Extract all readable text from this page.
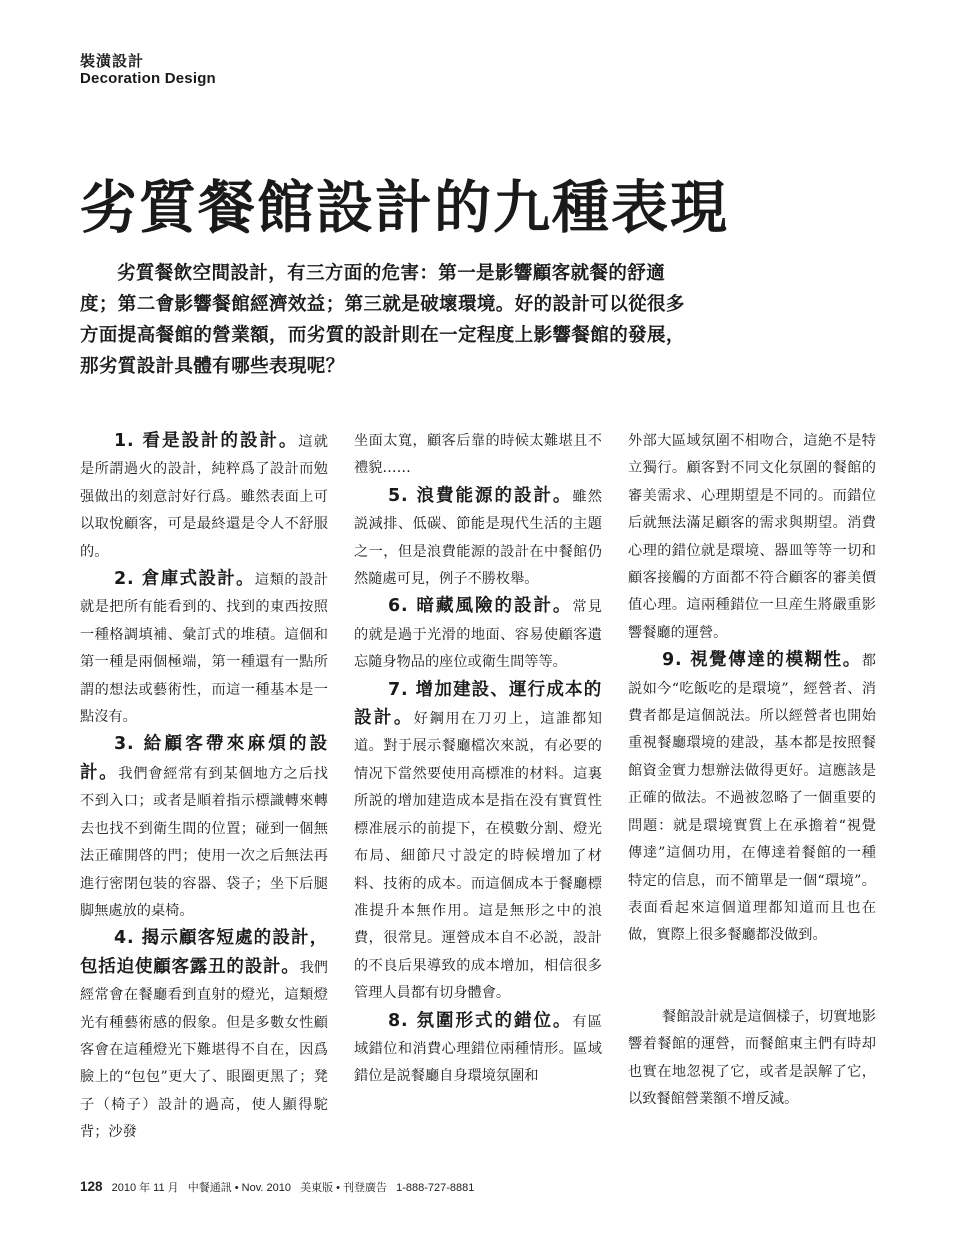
裝潢設計
Decoration Design
劣質餐館設計的九種表現

劣質餐飲空間設計，有三方面的危害：第一是影響顧客就餐的舒適度；第二會影響餐館經濟效益；第三就是破壞環境。好的設計可以從很多方面提高餐館的營業額，而劣質的設計則在一定程度上影響餐館的發展，那劣質設計具體有哪些表現呢？

1. 看是設計的設計。這就是所謂過火的設計，純粹爲了設計而勉强做出的刻意討好行爲。雖然表面上可以取悅顧客，可是最終還是令人不舒服的。

2. 倉庫式設計。這類的設計就是把所有能看到的、找到的東西按照一種格調填補、彙訂式的堆積。這個和第一種是兩個極端，第一種還有一點所謂的想法或藝術性，而這一種基本是一點沒有。

3. 給顧客帶來麻煩的設計。我們會經常有到某個地方之后找不到入口；或者是順着指示標識轉來轉去也找不到衛生間的位置；碰到一個無法正確開啓的門；使用一次之后無法再進行密閉包装的容器、袋子；坐下后腿脚無處放的桌椅。

4. 揭示顧客短處的設計，包括迫使顧客露丑的設計。我們經常會在餐廳看到直射的燈光，這類燈光有種藝術感的假象。但是多數女性顧客會在這種燈光下難堪得不自在，因爲臉上的“包包”更大了、眼圈更黑了；凳子（椅子）設計的過高，使人顯得駝背；沙發

坐面太寬，顧客后靠的時候太難堪且不禮貌……

5. 浪費能源的設計。雖然説減排、低碳、節能是現代生活的主題之一，但是浪費能源的設計在中餐館仍然隨處可見，例子不勝枚舉。

6. 暗藏風險的設計。常見的就是過于光滑的地面、容易使顧客遺忘隨身物品的座位或衛生間等等。

7. 增加建設、運行成本的設計。好鋼用在刀刃上，這誰都知道。對于展示餐廳檔次來説，有必要的情况下當然要使用高標准的材料。這裏所説的增加建造成本是指在没有實質性標准展示的前提下，在模數分割、燈光布局、細節尺寸設定的時候增加了材料、技術的成本。而這個成本于餐廳標准提升本無作用。這是無形之中的浪費，很常見。運營成本自不必説，設計的不良后果導致的成本增加，相信很多管理人員都有切身體會。

8. 氛圍形式的錯位。有區域錯位和消費心理錯位兩種情形。區域錯位是説餐廳自身環境氛圍和

外部大區域氛圍不相吻合，這絶不是特立獨行。顧客對不同文化氛圍的餐館的審美需求、心理期望是不同的。而錯位后就無法滿足顧客的需求與期望。消費心理的錯位就是環境、器皿等等一切和顧客接觸的方面都不符合顧客的審美價值心理。這兩種錯位一旦産生將嚴重影響餐廳的運營。

9. 視覺傳達的模糊性。都説如今“吃飯吃的是環境”，經營者、消費者都是這個説法。所以經營者也開始重視餐廳環境的建設，基本都是按照餐館資金實力想辦法做得更好。這應該是正確的做法。不過被忽略了一個重要的問題：就是環境實質上在承擔着“視覺傳達”這個功用，在傳達着餐館的一種特定的信息，而不簡單是一個“環境”。表面看起來這個道理都知道而且也在做，實際上很多餐廳都没做到。

餐館設計就是這個樣子，切實地影響着餐館的運營，而餐館東主們有時却也實在地忽視了它，或者是誤解了它，以致餐館營業額不增反減。

128 2010 年 11 月 中餐通訊 • Nov. 2010 美東版 • 刊登廣告 1-888-727-8881
